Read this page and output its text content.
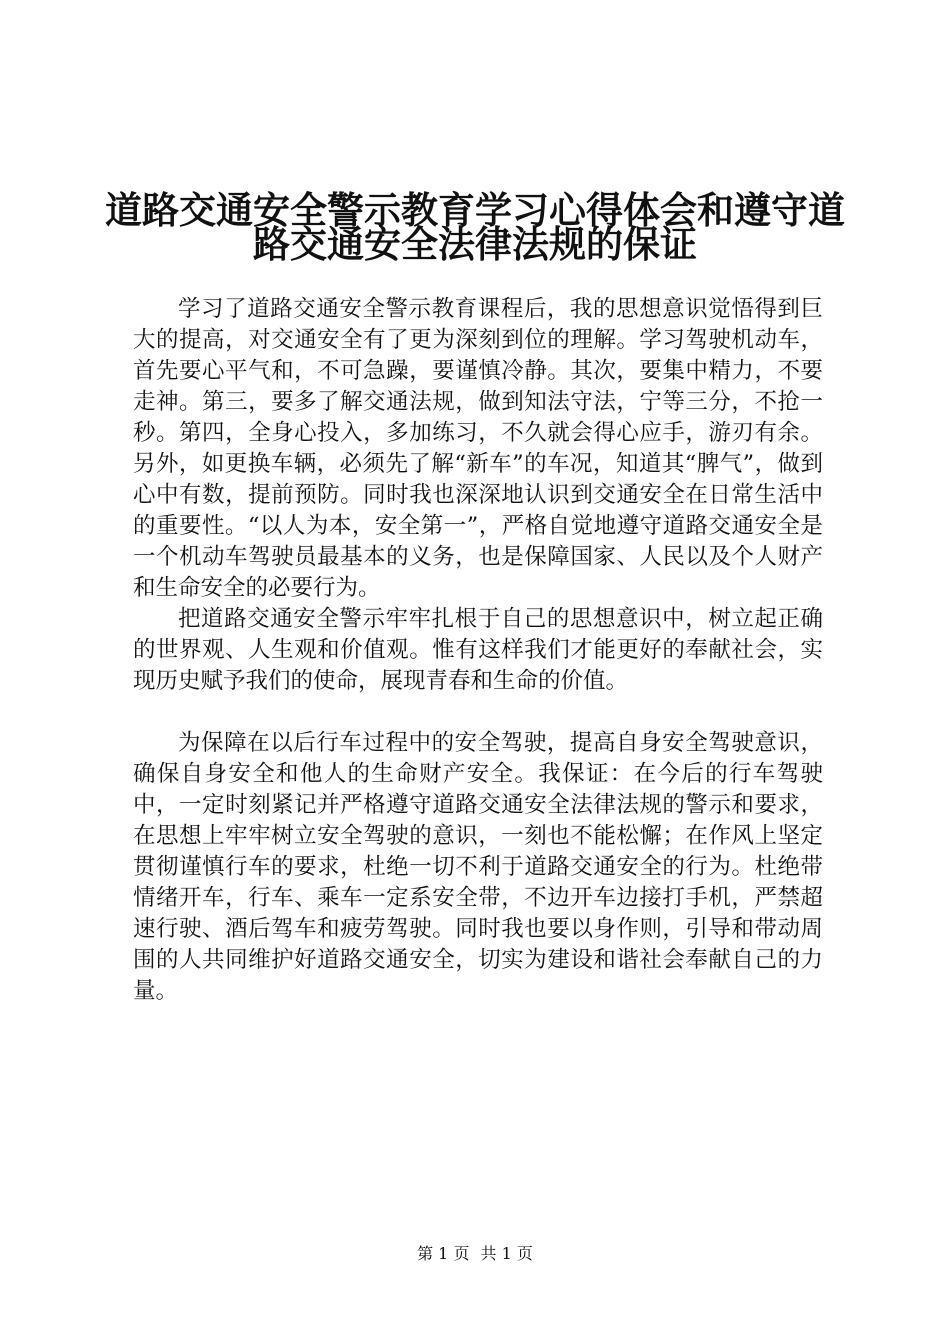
道路交通安全警示教育学习心得体会和遵守道
路交通安全法律法规的保证

学习了道路交通安全警示教育课程后，我的思想意识觉悟得到巨大的提高，对交通安全有了更为深刻到位的理解。学习驾驶机动车，首先要心平气和，不可急躁，要谨慎冷静。其次，要集中精力，不要走神。第三，要多了解交通法规，做到知法守法，宁等三分，不抢一秒。第四，全身心投入，多加练习，不久就会得心应手，游刃有余。另外，如更换车辆，必须先了解“新车”的车况，知道其“脾气”，做到心中有数，提前预防。同时我也深深地认识到交通安全在日常生活中的重要性。“以人为本，安全第一”，严格自觉地遵守道路交通安全是一个机动车驾驶员最基本的义务，也是保障国家、人民以及个人财产和生命安全的必要行为。

把道路交通安全警示牢牢扎根于自己的思想意识中，树立起正确的世界观、人生观和价值观。惟有这样我们才能更好的奉献社会，实现历史赋予我们的使命，展现青春和生命的价值。

为保障在以后行车过程中的安全驾驶，提高自身安全驾驶意识，确保自身安全和他人的生命财产安全。我保证：在今后的行车驾驶中，一定时刻紧记并严格遵守道路交通安全法律法规的警示和要求，在思想上牢牢树立安全驾驶的意识，一刻也不能松懈；在作风上坚定贯彻谨慎行车的要求，杜绝一切不利于道路交通安全的行为。杜绝带情绪开车，行车、乘车一定系安全带，不边开车边接打手机，严禁超速行驶、酒后驾车和疲劳驾驶。同时我也要以身作则，引导和带动周围的人共同维护好道路交通安全，切实为建设和谐社会奉献自己的力量。

第 1 页 共 1 页
